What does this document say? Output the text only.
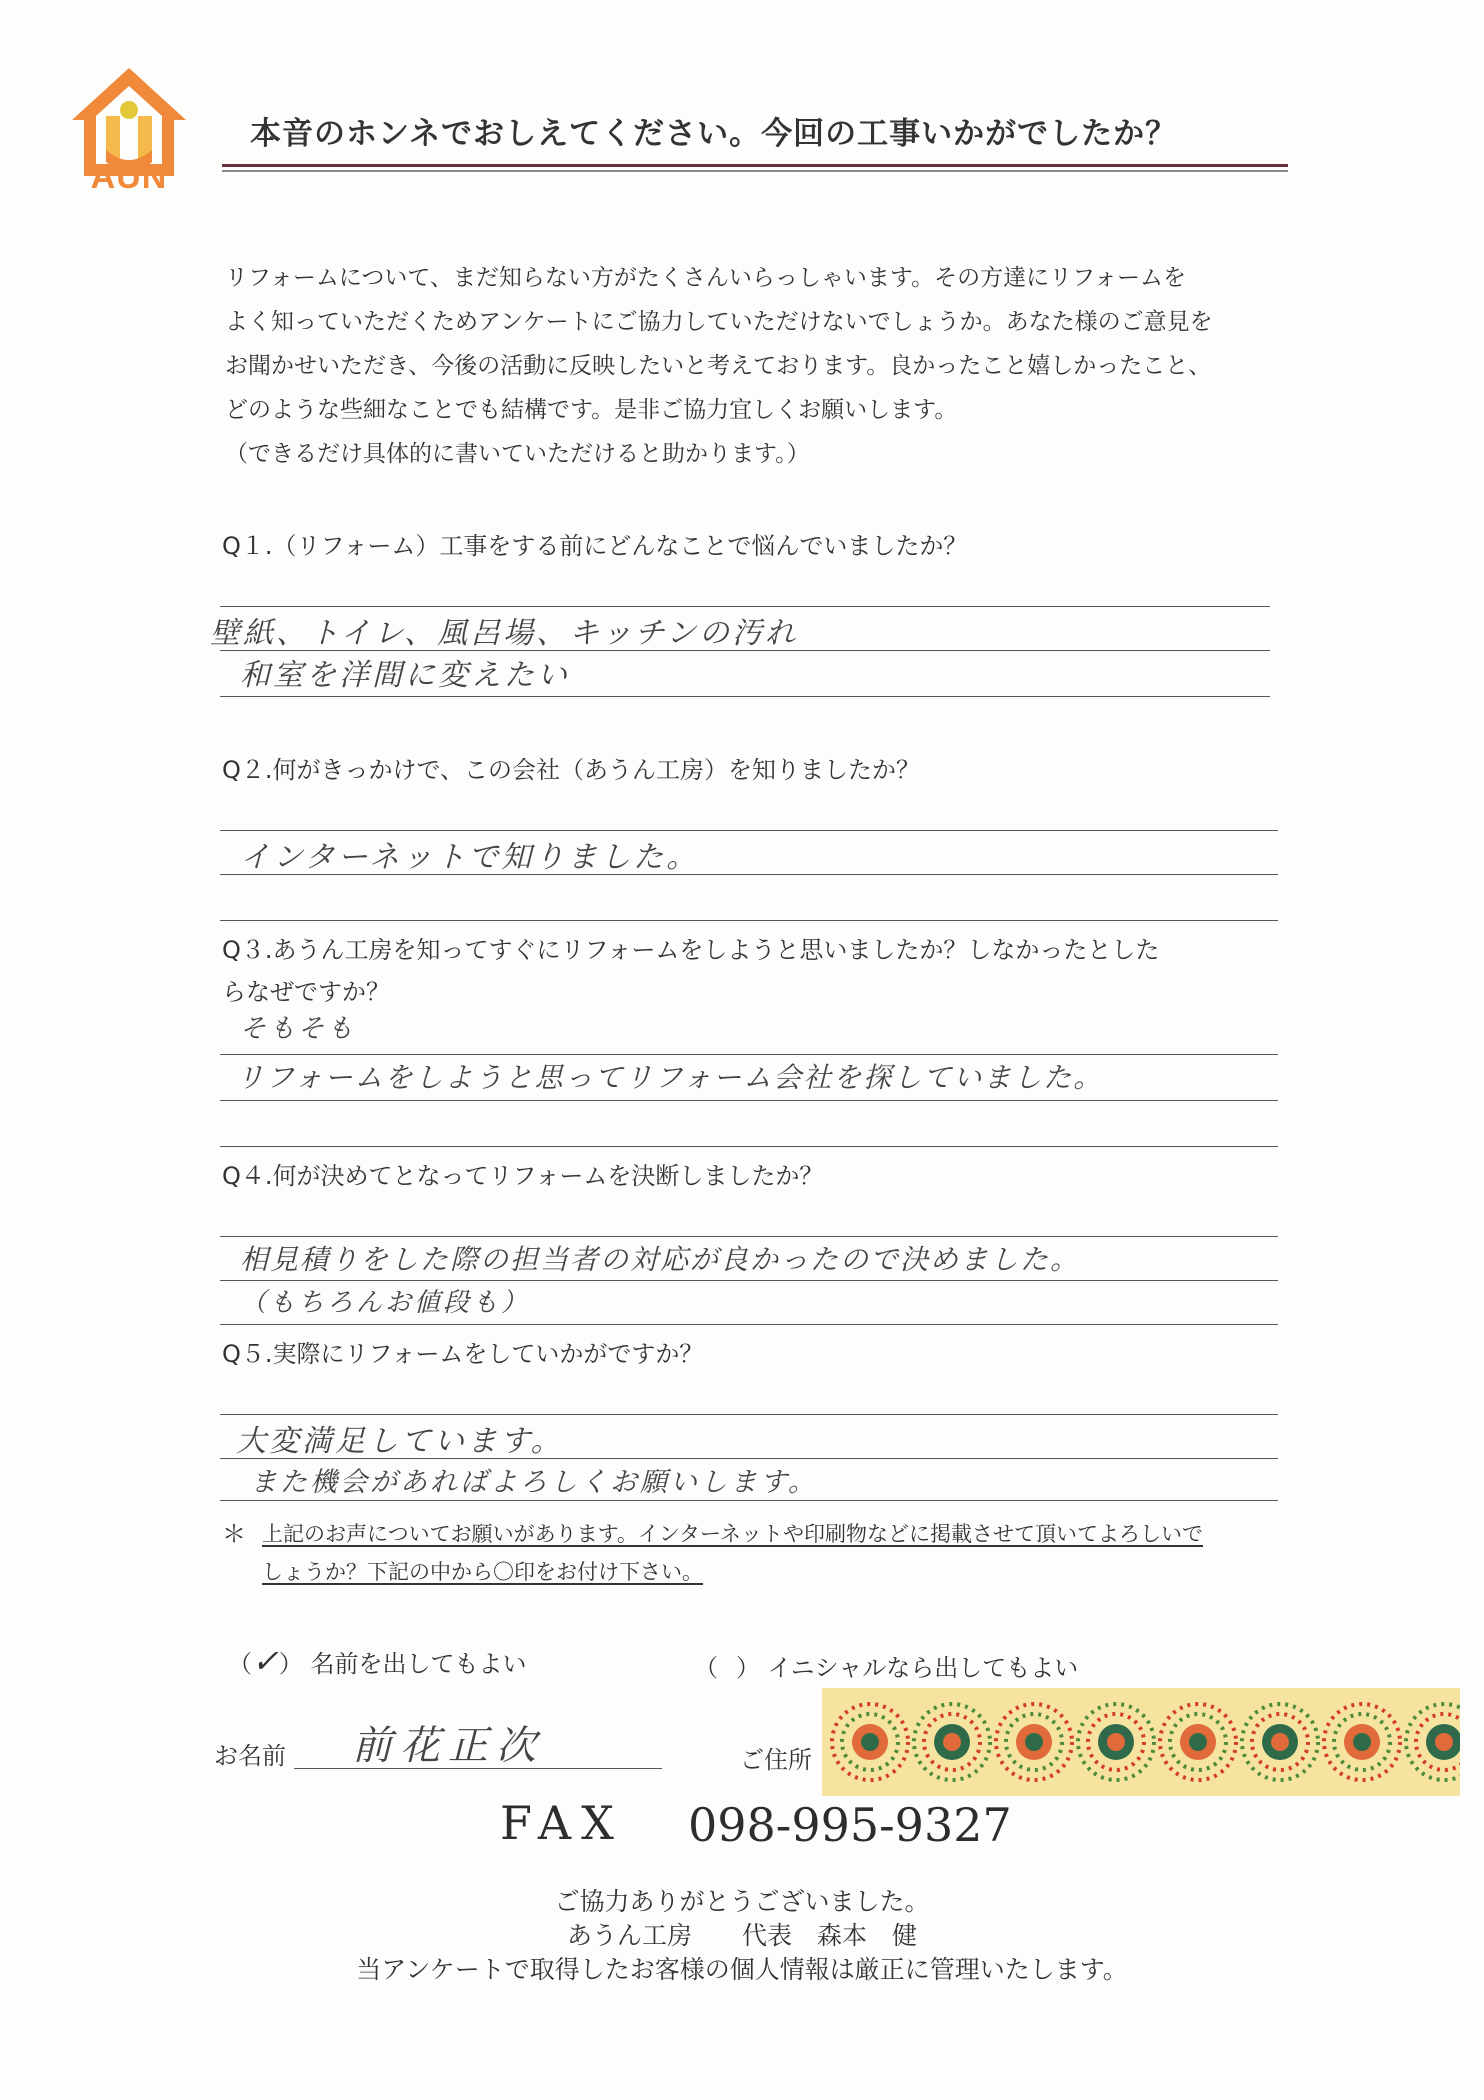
AUN
本音のホンネでおしえてください。今回の工事いかがでしたか？

リフォームについて、まだ知らない方がたくさんいらっしゃいます。その方達にリフォームを

よく知っていただくためアンケートにご協力していただけないでしょうか。あなた様のご意見を

お聞かせいただき、今後の活動に反映したいと考えております。良かったこと嬉しかったこと、

どのような些細なことでも結構です。是非ご協力宜しくお願いします。

（できるだけ具体的に書いていただけると助かります。）

Q１.（リフォーム）工事をする前にどんなことで悩んでいましたか？
壁紙、トイレ、風呂場、キッチンの汚れ
和室を洋間に変えたい
Q２.何がきっかけで、この会社（あうん工房）を知りましたか？
インターネットで知りました。
Q３.あうん工房を知ってすぐにリフォームをしようと思いましたか？しなかったとした
らなぜですか？
そもそも
リフォームをしようと思ってリフォーム会社を探していました。
Q４.何が決めてとなってリフォームを決断しましたか？
相見積りをした際の担当者の対応が良かったので決めました。
（もちろんお値段も）
Q５.実際にリフォームをしていかがですか？
大変満足しています。
また機会があればよろしくお願いします。
＊ 上記のお声についてお願いがあります。インターネットや印刷物などに掲載させて頂いてよろしいで
しょうか？下記の中から〇印をお付け下さい。
（✓） 名前を出してもよい	（ ） イニシャルなら出してもよい
お名前 前花正次	ご住所
FAX 098-995-9327
ご協力ありがとうございました。
あうん工房　　代表　森本　健
当アンケートで取得したお客様の個人情報は厳正に管理いたします。
